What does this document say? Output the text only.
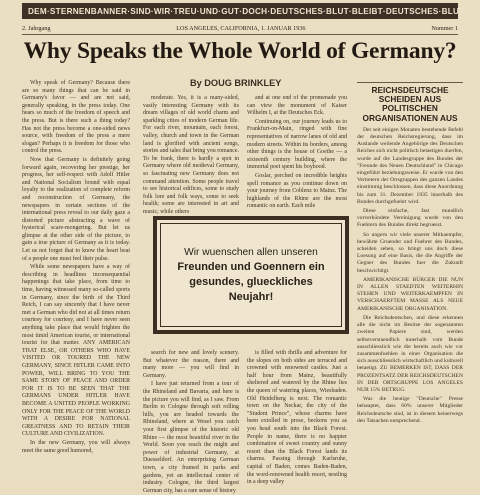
DEM·STERNENBANNER·SIND·WIR·TREU·UND·GUT· DOCH·DEUTSCHES·BLUT·BLEIBT·DEUTSCHES·BLUT·
2. Jahrgang	LOS ANGELES, CALIFORNIA, 1. JANUAR 1936	Nummer 1
Why Speaks the Whole World of Germany?
By DOUG BRINKLEY

Why speak of Germany? Because there are so many things that can be said in Germany's favor — and are not said, generally speaking, in the press today. One hears so much of the freedom of speech and the press. But is there such a thing today? Has not the press become a one-sided news source, with freedom of the press a mere slogan? Perhaps it is freedom for those who control the press.

Now that Germany is definitely going forward again, recovering her prestige, her progress, her self-respect with Adolf Hitler and National Socialism bound with equal loyalty to the realization of complete reform and reconstruction of Germany, the newspapers in certain sections of the international press reveal to our daily gaze a distorted picture abstracting a wave of hysterical scare-mongering. But let us glimpse at the other side of the picture, to gain a true picture of Germany as it is today. Let us not forget that to know the heart beat of a people one must feel their pulse.

While some newspapers have a way of describing in headlines inconsequential happenings that take place, from time to time, having witnessed many so-called sports in Germany, since the birth of the Third Reich, I can say sincerely that I have never met a German who did not at all times return courtesy for courtesy, and I have never seen anything take place that would frighten the most timid American tourist, or international tourist for that matter. ANY AMERICAN THAT ELSE, OR OTHERS WHO HAVE VISITED OR TOURED THE NEW GERMANY, SINCE HITLER CAME INTO POWER, WILL BRING TO YOU THE SAME STORY OF PEACE AND ORDER FOR IT IS TO BE SEEN THAT THE GERMANS UNDER HITLER HAVE BECOME A UNITED PEOPLE WORKING ONLY FOR THE PEACE OF THE WORLD WITH A DESIRE FOR NATIONAL GREATNESS AND TO RETAIN THEIR CULTURE AND CIVILIZATION.

In the new Germany, you will always meet the same good humored,

moderate. Yes, it is a many-sided, vastly interesting Germany with its dream villages of old world charm and sparkling cities of modern German life. For each river, mountain, each forest, valley, church and town in the German land is glorified with ancient songs, stories and tales that bring you romance. To be frank, there is hardly a spot in Germany where old medieval Germany, so fascinating new Germany does not command attention. Some people travel to see historical edifices, some to study folk lore and folk ways, some to seek health; some are interested in art and music; while others

and at one end of the promenade you can view the monument of Kaiser Wilhelm I, at the Deutsches Eck.

Continuing on, our journey leads us to Frankfurt-on-Main, ringed with fine representatives of narrow lanes of old and modern streets. Within its borders, among other things is the house of Goethe — a sixteenth century building, where the immortal poet spent his boyhood.

Goslar, perched on incredible heights spell romance as you continue down on your journey from Coblenz to Mainz. The highlands of the Rhine are the most romantic on earth. Each mile

Wir wuenschen allen unseren
Freunden und Goennern ein
gesundes, glueckliches
Neujahr!

search for new and lovely scenery. But whatever the reason, there and many more — you will find in Germany.

I have just returned from a tour of the Rhineland and Bavaria, and here is the picture you will find, as I saw. From Berlin to Cologne through soft rolling hills, you are headed towards the Rhineland, where at Wesel you catch your first glimpse of the historic old Rhine — the most beautiful river in the World. Soon you reach the might and power of industrial Germany, at Duesseldorf. An enterprising German town, a city framed in parks and gardens, yet an intellectual center of industry. Cologne, the third largest German city, has a rare sense of history

is filled with thrills and adventure for the slopes on both sides are terraced and crowned with renowned castles. Just a half hour from Mainz, beautifully sheltered and watered by the Rhine lies the queen of watering places, Wiesbaden. Old Heidelberg is next. The romantic town on the Neckar, the city of the "Student Prince", whose charms have been extolled in prose, beckons you as you head south into the Black Forest. People in name, there is no happier combination of sweet country and sunny resort than the Black Forest lands its charms. Passing through Karlsruhe, capital of Baden, comes Baden-Baden, the word-renowned health resort, nestling in a deep valley

REICHSDEUTSCHE SCHEIDEN AUS POLITISCHEN ORGANISATIONEN AUS

Der seit einigen Monaten bestehende Befehl der deutschen Reichsregierung, dass im Auslande weilende Angehörige des Deutschen Reiches sich nicht politisch betaetigen duerfen, wurde auf die Landesgruppe des Bundes der "Freunde des Neuen Deutschland" in Chicago eingeführt beziehungsweise. Er wurde von den Vertretern der Ortsgruppen des ganzen Landes einstimmig beschlossen, dass diese Anordnung bis zum 31. Dezember 1935 innerhalb des Bundes durchgefuehrt wird.

Diese einfache, fast mundlich vorverkündete Vereinigung wurde von den Fuehrern des Bundes direkt begruesst.

So ungern wir viele unserer Mitkaempfer, bewährte Gruender und Fuehrer des Bundes, scheiden sehen, so bringt uns doch diese Loesung auf eine Basis, die die Angriffe der Gegner des Bundes fuer die Zukunft beschwichtigt.

AMERIKANISCHE BÜRGER DIE NUN IN ALLEN STAEDTEN WEITERHIN STEHEN UND WEITERKAEMPFEN IN VERSCHAERFTEM MASSE ALS NEUE AMERIKANISCHE ORGANISATION.

Die Reichsdeutschen, und diese erkennen alle die nicht im Besitze der sogenannten zweiten Papiere sind, werden selbstverstaendlich innerhalb vom Bunde ausschliesslich wie die bereits auch wie vor zusammenfuehlen in einer Organisation die sich ausschliesslich wirtschaftlich und kulturell betaetigt. ZU BEMERKEN IST, DASS DER PROZENTSATZ DER REICHSDEUTSCHEN IN DER ORTSGRUPPE LOS ANGELES NUR 15% BETRUG.

Was die heutige "Deutsche" Presse behauptet, dass 60% unserer Mitglieder Reichsdeutsche sind, ist in diesem keinerwegs den Tatsachen entsprechend.
